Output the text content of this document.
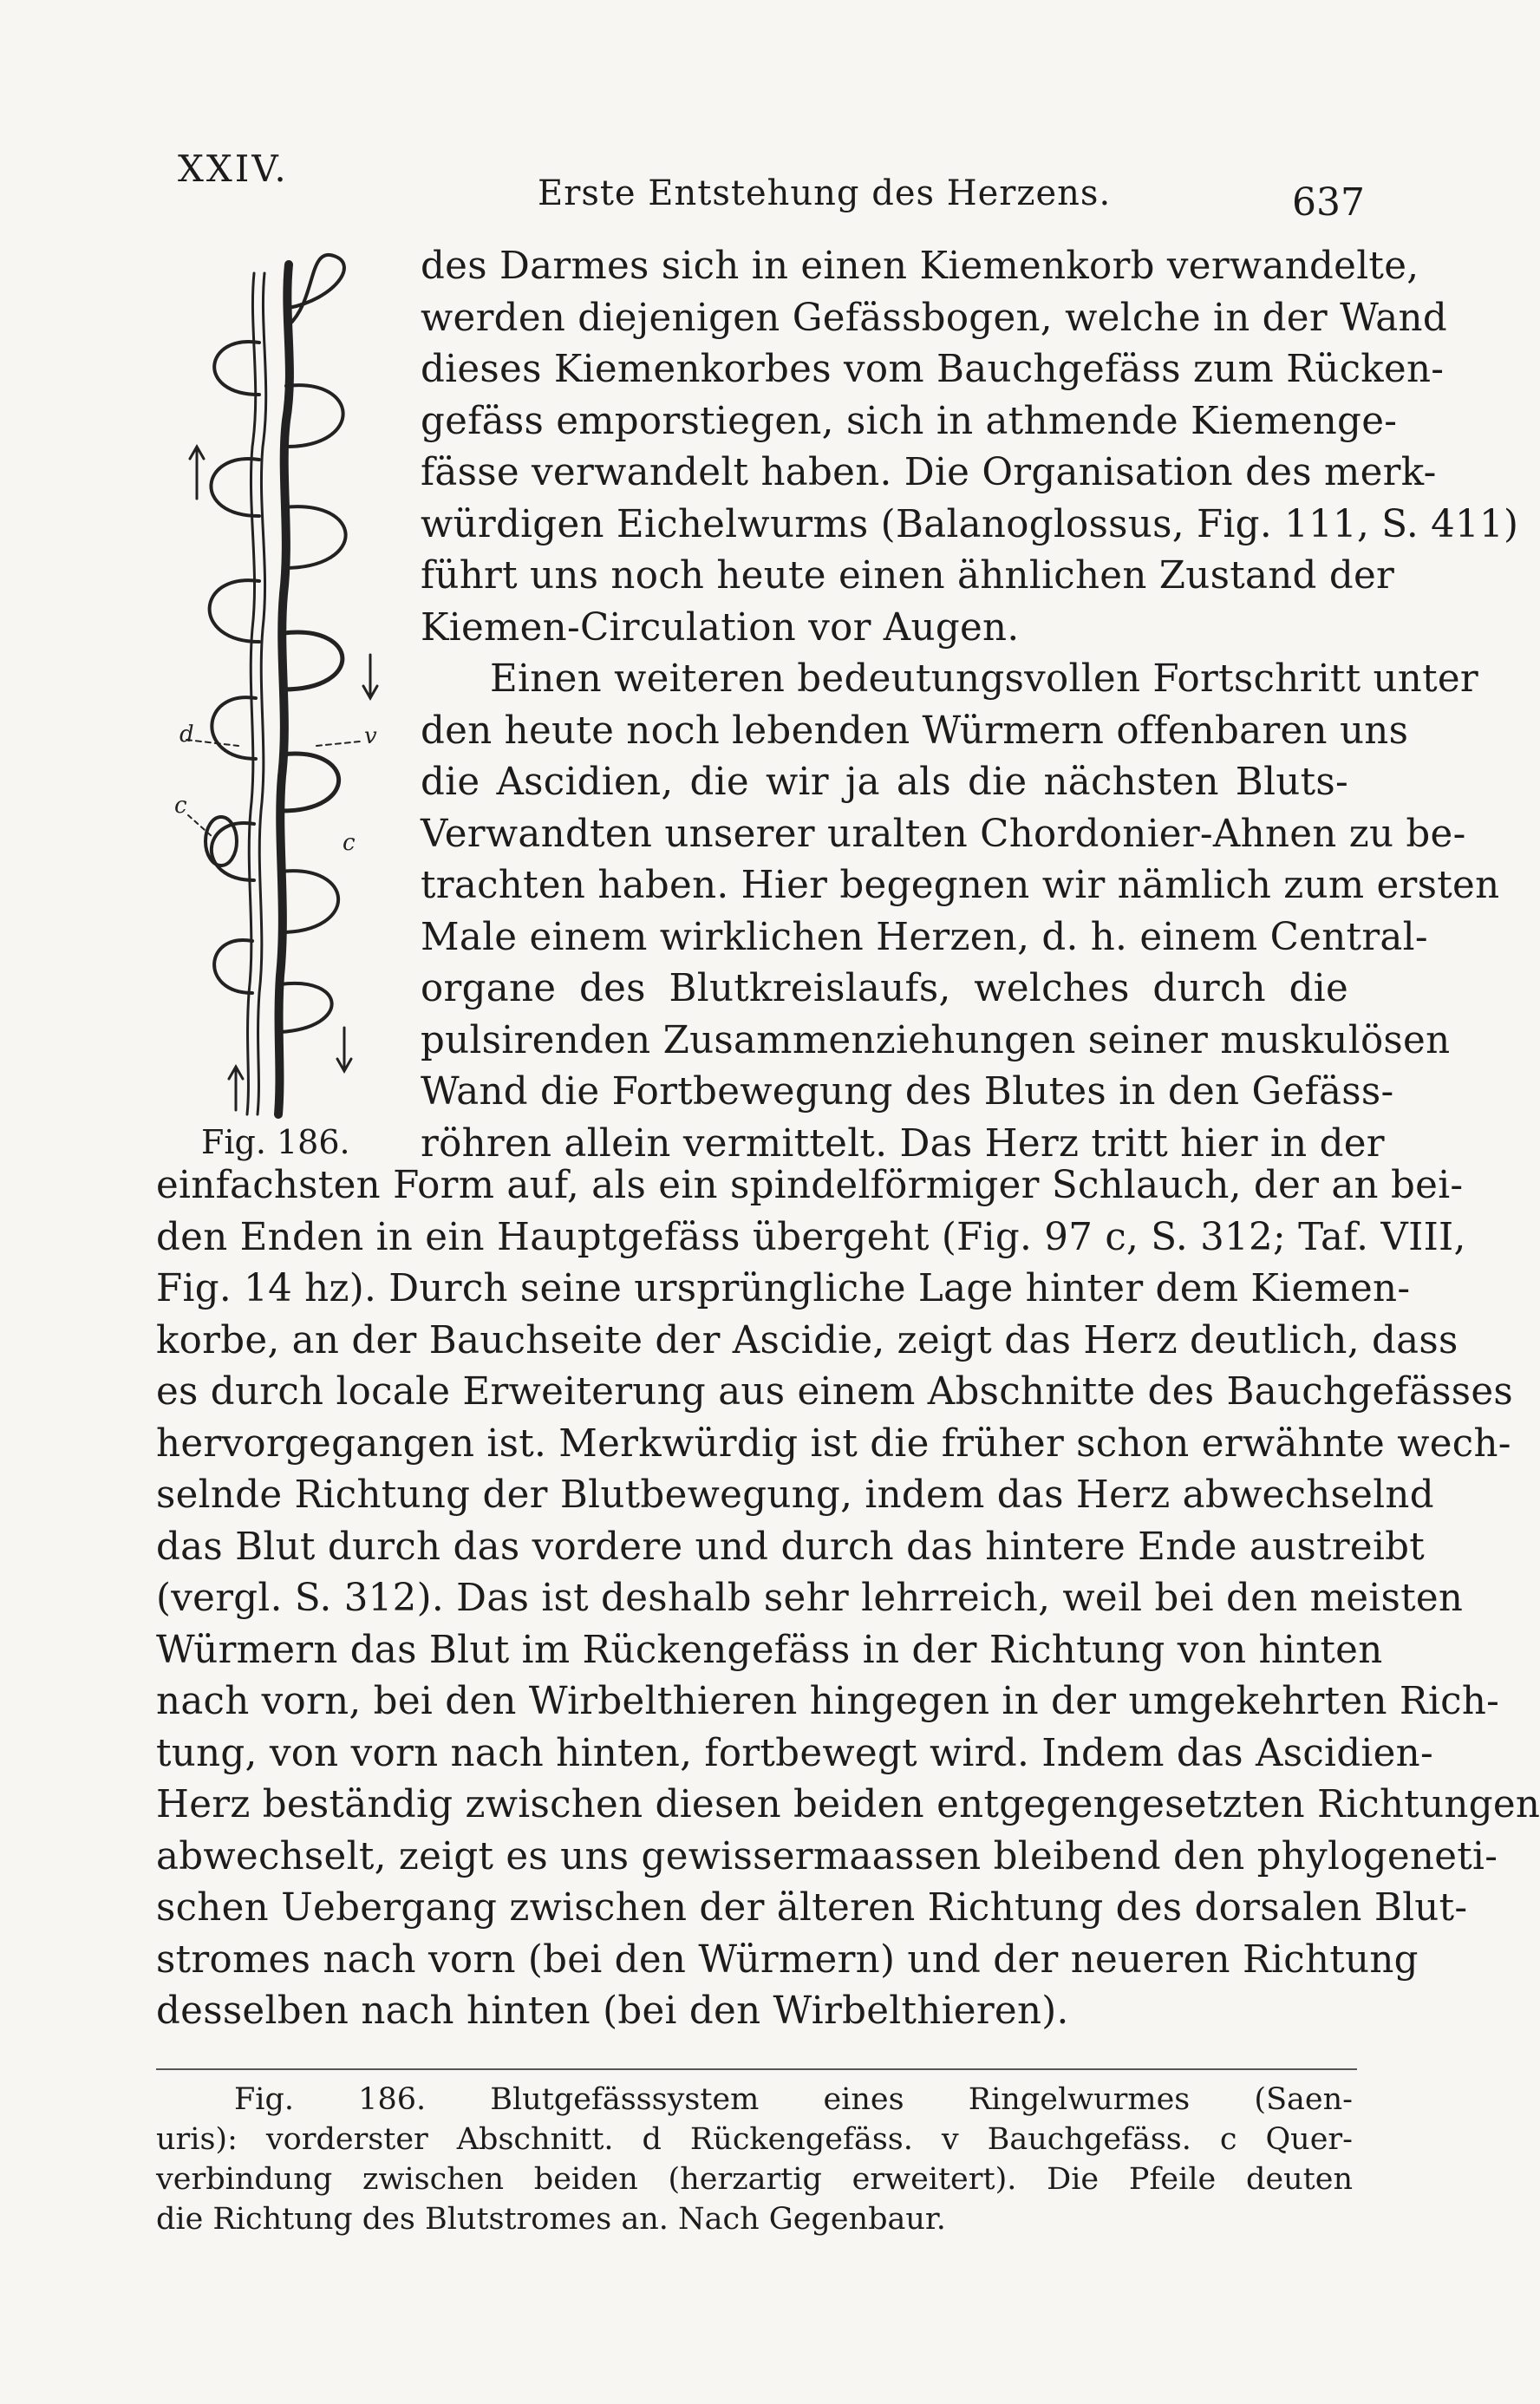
XXIV.
Erste Entstehung des Herzens.	637
d	v
c
c
Fig. 186.
des Darmes sich in einen Kiemenkorb verwandelte,
werden diejenigen Gefässbogen, welche in der Wand
dieses Kiemenkorbes vom Bauchgefäss zum Rücken-
gefäss emporstiegen, sich in athmende Kiemenge-
fässe verwandelt haben. Die Organisation des merk-
würdigen Eichelwurms (Balanoglossus, Fig. 111, S. 411)
führt uns noch heute einen ähnlichen Zustand der
Kiemen-Circulation vor Augen.
Einen weiteren bedeutungsvollen Fortschritt unter
den heute noch lebenden Würmern offenbaren uns
die Ascidien, die wir ja als die nächsten Bluts-
Verwandten unserer uralten Chordonier-Ahnen zu be-
trachten haben. Hier begegnen wir nämlich zum ersten
Male einem wirklichen Herzen, d. h. einem Central-
organe des Blutkreislaufs, welches durch die
pulsirenden Zusammenziehungen seiner muskulösen
Wand die Fortbewegung des Blutes in den Gefäss-
röhren allein vermittelt. Das Herz tritt hier in der
einfachsten Form auf, als ein spindelförmiger Schlauch, der an bei-
den Enden in ein Hauptgefäss übergeht (Fig. 97 c, S. 312; Taf. VIII,
Fig. 14 hz). Durch seine ursprüngliche Lage hinter dem Kiemen-
korbe, an der Bauchseite der Ascidie, zeigt das Herz deutlich, dass
es durch locale Erweiterung aus einem Abschnitte des Bauchgefässes
hervorgegangen ist. Merkwürdig ist die früher schon erwähnte wech-
selnde Richtung der Blutbewegung, indem das Herz abwechselnd
das Blut durch das vordere und durch das hintere Ende austreibt
(vergl. S. 312). Das ist deshalb sehr lehrreich, weil bei den meisten
Würmern das Blut im Rückengefäss in der Richtung von hinten
nach vorn, bei den Wirbelthieren hingegen in der umgekehrten Rich-
tung, von vorn nach hinten, fortbewegt wird. Indem das Ascidien-
Herz beständig zwischen diesen beiden entgegengesetzten Richtungen
abwechselt, zeigt es uns gewissermaassen bleibend den phylogeneti-
schen Uebergang zwischen der älteren Richtung des dorsalen Blut-
stromes nach vorn (bei den Würmern) und der neueren Richtung
desselben nach hinten (bei den Wirbelthieren).
Fig. 186. Blutgefässsystem eines Ringelwurmes (Saen-
uris): vorderster Abschnitt. d Rückengefäss. v Bauchgefäss. c Quer-
verbindung zwischen beiden (herzartig erweitert). Die Pfeile deuten
die Richtung des Blutstromes an. Nach Gegenbaur.
